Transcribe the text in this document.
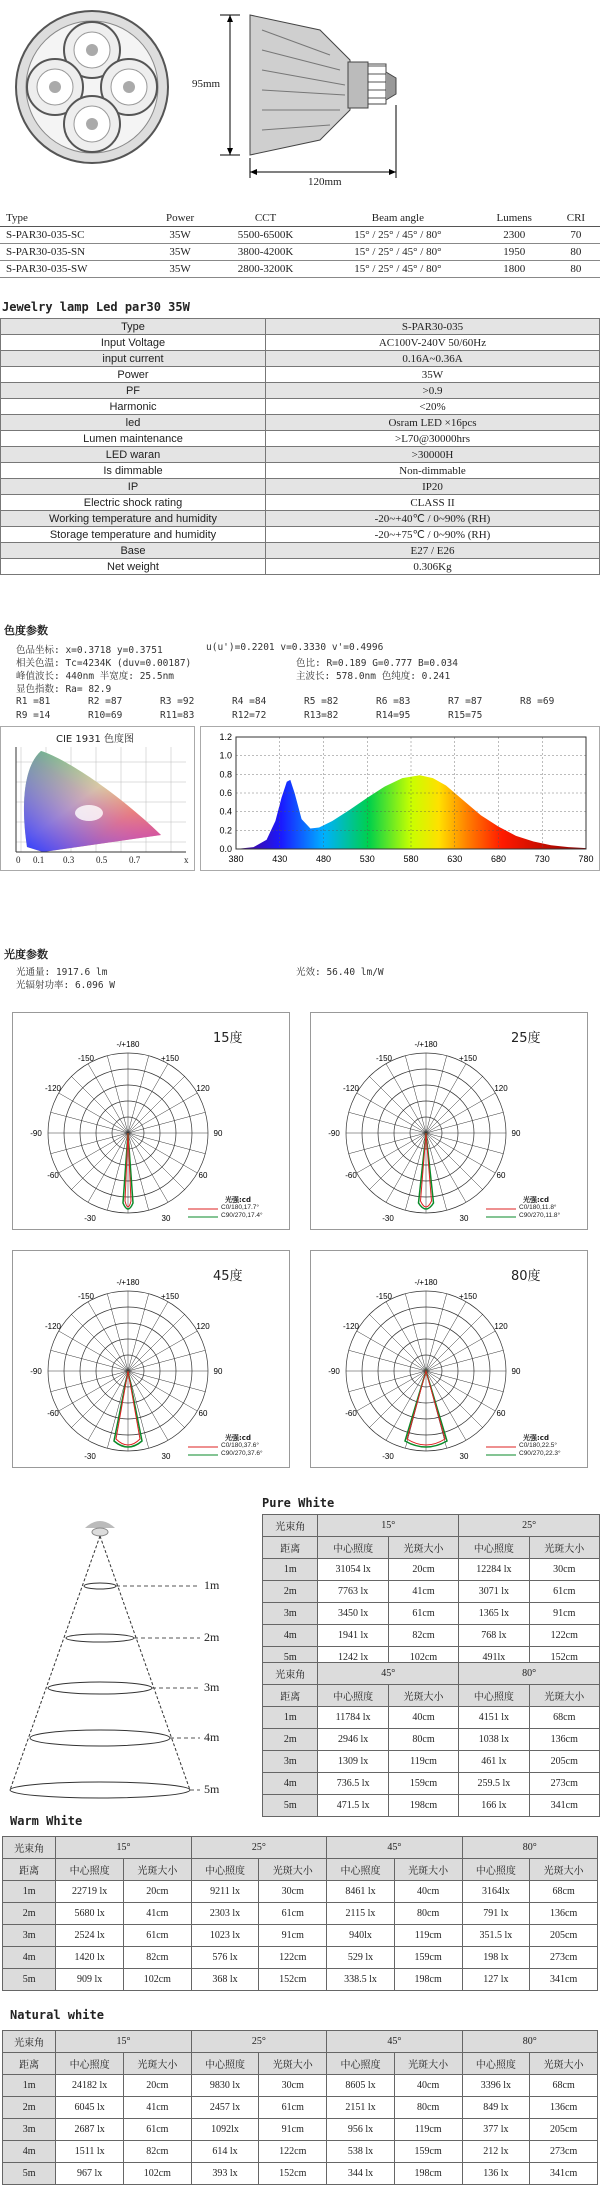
95mm
120mm
Type	Power	CCT	Beam angle	Lumens	CRI
S-PAR30-035-SC	35W	5500-6500K	15° / 25° / 45° / 80°	2300	70
S-PAR30-035-SN	35W	3800-4200K	15° / 25° / 45° / 80°	1950	80
S-PAR30-035-SW	35W	2800-3200K	15° / 25° / 45° / 80°	1800	80
Jewelry lamp Led par30 35W
Type	S-PAR30-035
Input Voltage	AC100V-240V 50/60Hz
input current	0.16A~0.36A
Power	35W
PF	>0.9
Harmonic	<20%
led	Osram LED ×16pcs
Lumen maintenance	>L70@30000hrs
LED waran	>30000H
Is dimmable	Non-dimmable
IP	IP20
Electric shock rating	CLASS II
Working temperature and humidity	-20~+40℃ / 0~90% (RH)
Storage temperature and humidity	-20~+75℃ / 0~90% (RH)
Base	E27 / E26
Net weight	0.306Kg
色度参数
色品坐标: x=0.3718 y=0.3751	u(u')=0.2201 v=0.3330 v'=0.4996
相关色温: Tc=4234K (duv=0.00187)	色比: R=0.189 G=0.777 B=0.034
峰值波长: 440nm 半宽度: 25.5nm	主波长: 578.0nm 色纯度: 0.241
显色指数: Ra= 82.9
R1 =81	R2 =87	R3 =92	R4 =84	R5 =82	R6 =83	R7 =87	R8 =69
R9 =14	R10=69	R11=83	R12=72	R13=82	R14=95	R15=75
CIE 1931 色度图
0 0.1 0.3 0.5 0.7	x
1.2
1.0
0.8
0.6
0.4
0.2
0.0
380	430	480	530	580	630	680	730	780
光度参数
光通量: 1917.6 lm
光辐射功率: 6.096 W
光效: 56.40 lm/W
-/+180
-150	+150
-120	120
-90	90
-60	60
-30	30
15度
光强:cd
C0/180,17.7°
C90/270,17.4°
-/+180
-150	+150
-120	120
-90	90
-60	60
-30	30
25度
光强:cd
C0/180,11.8°
C90/270,11.8°
-/+180
-150	+150
-120	120
-90	90
-60	60
-30	30
45度
光强:cd
C0/180,37.6°
C90/270,37.6°
-/+180
-150	+150
-120	120
-90	90
-60	60
-30	30
80度
光强:cd
C0/180,22.5°
C90/270,22.3°
1m
2m
3m
4m
5m
Pure White
光束角	15°		25°	
距离	中心照度	光斑大小	中心照度	光斑大小
1m	31054 lx	20cm	12284 lx	30cm
2m	7763 lx	41cm	3071 lx	61cm
3m	3450 lx	61cm	1365 lx	91cm
4m	1941 lx	82cm	768 lx	122cm
5m	1242 lx	102cm	491lx	152cm
光束角	45°		80°	
距离	中心照度	光斑大小	中心照度	光斑大小
1m	11784 lx	40cm	4151 lx	68cm
2m	2946 lx	80cm	1038 lx	136cm
3m	1309 lx	119cm	461 lx	205cm
4m	736.5 lx	159cm	259.5 lx	273cm
5m	471.5 lx	198cm	166 lx	341cm
Warm White
光束角	15°		25°		45°		80°	
距离	中心照度	光斑大小	中心照度	光斑大小	中心照度	光斑大小	中心照度	光斑大小
1m	22719 lx	20cm	9211 lx	30cm	8461 lx	40cm	3164lx	68cm
2m	5680 lx	41cm	2303 lx	61cm	2115 lx	80cm	791 lx	136cm
3m	2524 lx	61cm	1023 lx	91cm	940lx	119cm	351.5 lx	205cm
4m	1420 lx	82cm	576 lx	122cm	529 lx	159cm	198 lx	273cm
5m	909 lx	102cm	368 lx	152cm	338.5 lx	198cm	127 lx	341cm
Natural white
光束角	15°		25°		45°		80°	
距离	中心照度	光斑大小	中心照度	光斑大小	中心照度	光斑大小	中心照度	光斑大小
1m	24182 lx	20cm	9830 lx	30cm	8605 lx	40cm	3396 lx	68cm
2m	6045 lx	41cm	2457 lx	61cm	2151 lx	80cm	849 lx	136cm
3m	2687 lx	61cm	1092lx	91cm	956 lx	119cm	377 lx	205cm
4m	1511 lx	82cm	614 lx	122cm	538 lx	159cm	212 lx	273cm
5m	967 lx	102cm	393 lx	152cm	344 lx	198cm	136 lx	341cm
